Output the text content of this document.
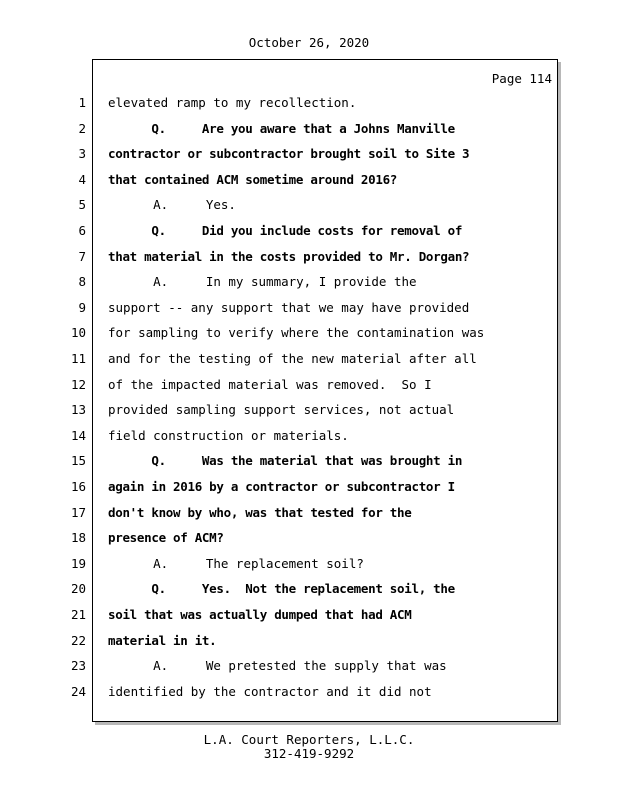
October 26, 2020
Page 114
1
2
3
4
5
6
7
8
9
10
11
12
13
14
15
16
17
18
19
20
21
22
23
24
elevated ramp to my recollection.
Q.     Are you aware that a Johns Manville
contractor or subcontractor brought soil to Site 3
that contained ACM sometime around 2016?
A.     Yes.
Q.     Did you include costs for removal of
that material in the costs provided to Mr. Dorgan?
A.     In my summary, I provide the
support -- any support that we may have provided
for sampling to verify where the contamination was
and for the testing of the new material after all
of the impacted material was removed.  So I
provided sampling support services, not actual
field construction or materials.
Q.     Was the material that was brought in
again in 2016 by a contractor or subcontractor I
don't know by who, was that tested for the
presence of ACM?
A.     The replacement soil?
Q.     Yes.  Not the replacement soil, the
soil that was actually dumped that had ACM
material in it.
A.     We pretested the supply that was
identified by the contractor and it did not
L.A. Court Reporters, L.L.C.
312-419-9292
